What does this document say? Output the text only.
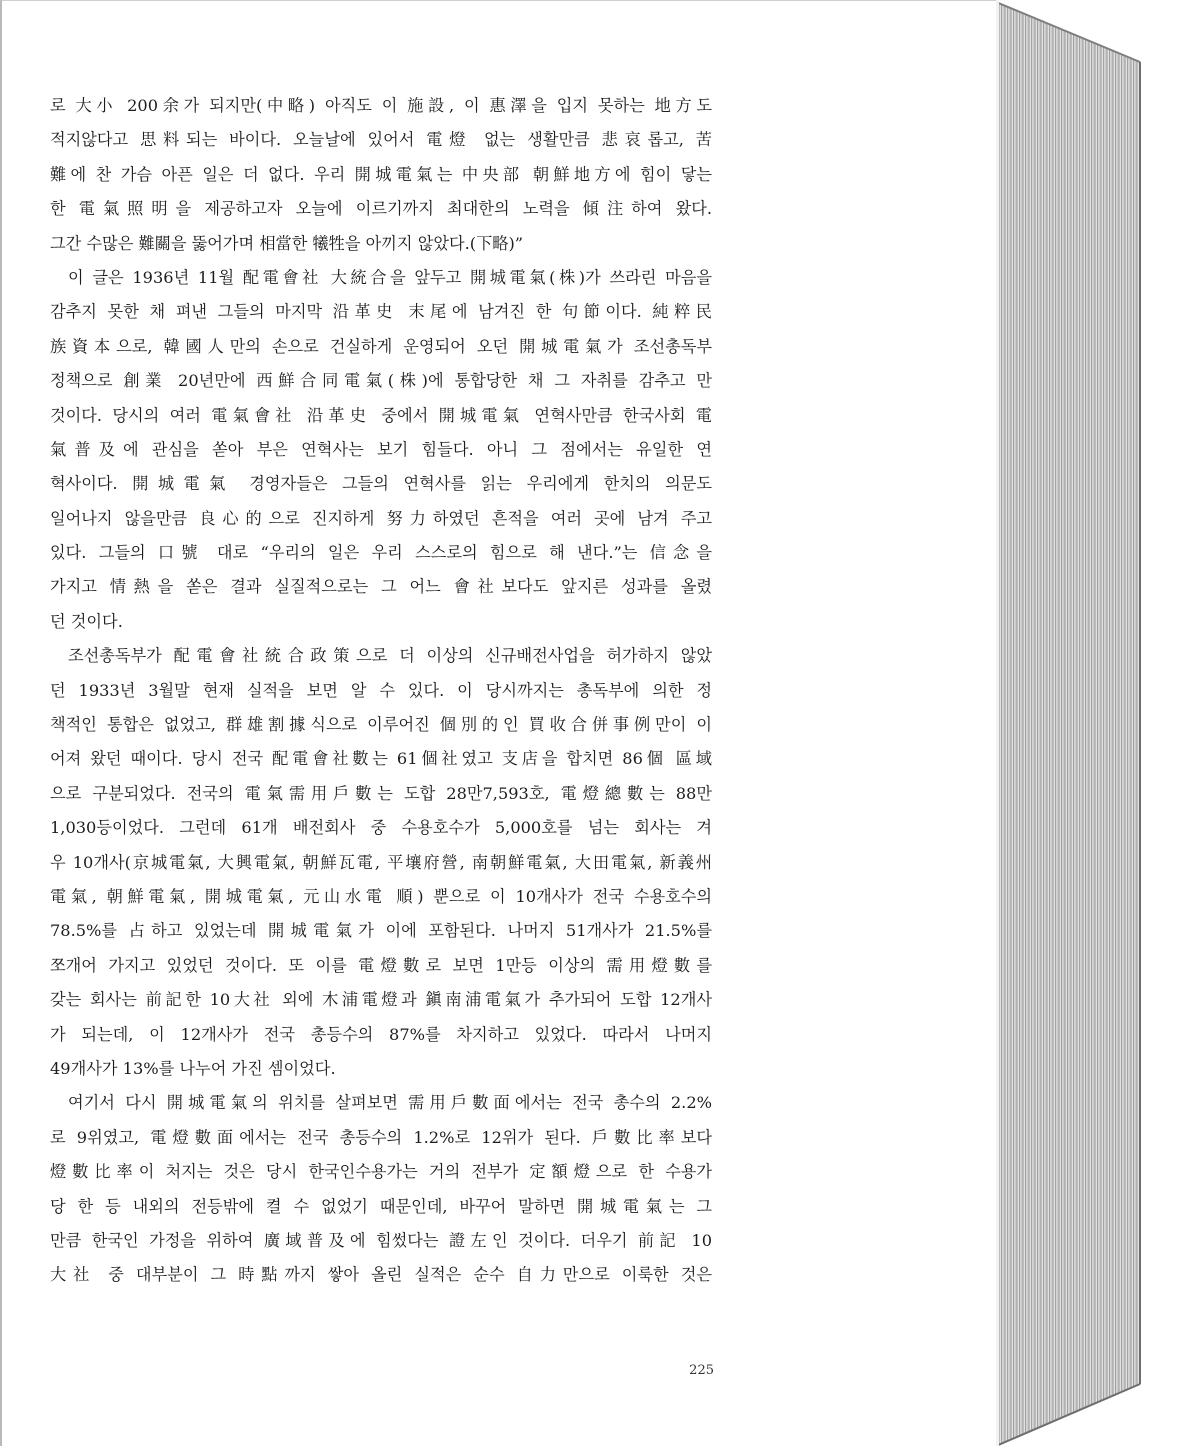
로 大小 200余가 되지만(中略) 아직도 이 施設, 이 惠澤을 입지 못하는 地方도
적지않다고 思料되는 바이다. 오늘날에 있어서 電燈 없는 생활만큼 悲哀롭고, 苦
難에 찬 가슴 아픈 일은 더 없다. 우리 開城電氣는 中央部 朝鮮地方에 힘이 닿는
한 電氣照明을 제공하고자 오늘에 이르기까지 최대한의 노력을 傾注하여 왔다.
그간 수많은 難關을 뚫어가며 相當한 犧牲을 아끼지 않았다.(下略)”
이 글은 1936년 11월 配電會社 大統合을 앞두고 開城電氣(株)가 쓰라린 마음을
감추지 못한 채 펴낸 그들의 마지막 沿革史 末尾에 남겨진 한 句節이다. 純粹民
族資本으로, 韓國人만의 손으로 건실하게 운영되어 오던 開城電氣가 조선총독부
정책으로 創業 20년만에 西鮮合同電氣(株)에 통합당한 채 그 자취를 감추고 만
것이다. 당시의 여러 電氣會社 沿革史 중에서 開城電氣 연혁사만큼 한국사회 電
氣普及에 관심을 쏟아 부은 연혁사는 보기 힘들다. 아니 그 점에서는 유일한 연
혁사이다. 開城電氣 경영자들은 그들의 연혁사를 읽는 우리에게 한치의 의문도
일어나지 않을만큼 良心的으로 진지하게 努力하였던 흔적을 여러 곳에 남겨 주고
있다. 그들의 口號 대로 “우리의 일은 우리 스스로의 힘으로 해 낸다.”는 信念을
가지고 情熱을 쏟은 결과 실질적으로는 그 어느 會社보다도 앞지른 성과를 올렸
던 것이다.
조선총독부가 配電會社統合政策으로 더 이상의 신규배전사업을 허가하지 않았
던 1933년 3월말 현재 실적을 보면 알 수 있다. 이 당시까지는 총독부에 의한 정
책적인 통합은 없었고, 群雄割據식으로 이루어진 個別的인 買收合併事例만이 이
어져 왔던 때이다. 당시 전국 配電會社數는 61個社였고 支店을 합치면 86個 區域
으로 구분되었다. 전국의 電氣需用戶數는 도합 28만7,593호, 電燈總數는 88만
1,030등이었다. 그런데 61개 배전회사 중 수용호수가 5,000호를 넘는 회사는 겨
우 10개사(京城電氣, 大興電氣, 朝鮮瓦電, 平壤府營, 南朝鮮電氣, 大田電氣, 新義州
電氣, 朝鮮電氣, 開城電氣, 元山水電 順) 뿐으로 이 10개사가 전국 수용호수의
78.5%를 占하고 있었는데 開城電氣가 이에 포함된다. 나머지 51개사가 21.5%를
쪼개어 가지고 있었던 것이다. 또 이를 電燈數로 보면 1만등 이상의 需用燈數를
갖는 회사는 前記한 10大社 외에 木浦電燈과 鎭南浦電氣가 추가되어 도합 12개사
가 되는데, 이 12개사가 전국 총등수의 87%를 차지하고 있었다. 따라서 나머지
49개사가 13%를 나누어 가진 셈이었다.
여기서 다시 開城電氣의 위치를 살펴보면 需用戶數面에서는 전국 총수의 2.2%
로 9위였고, 電燈數面에서는 전국 총등수의 1.2%로 12위가 된다. 戶數比率보다
燈數比率이 처지는 것은 당시 한국인수용가는 거의 전부가 定額燈으로 한 수용가
당 한 등 내외의 전등밖에 켤 수 없었기 때문인데, 바꾸어 말하면 開城電氣는 그
만큼 한국인 가정을 위하여 廣域普及에 힘썼다는 證左인 것이다. 더우기 前記 10
大社 중 대부분이 그 時點까지 쌓아 올린 실적은 순수 自力만으로 이룩한 것은
225
